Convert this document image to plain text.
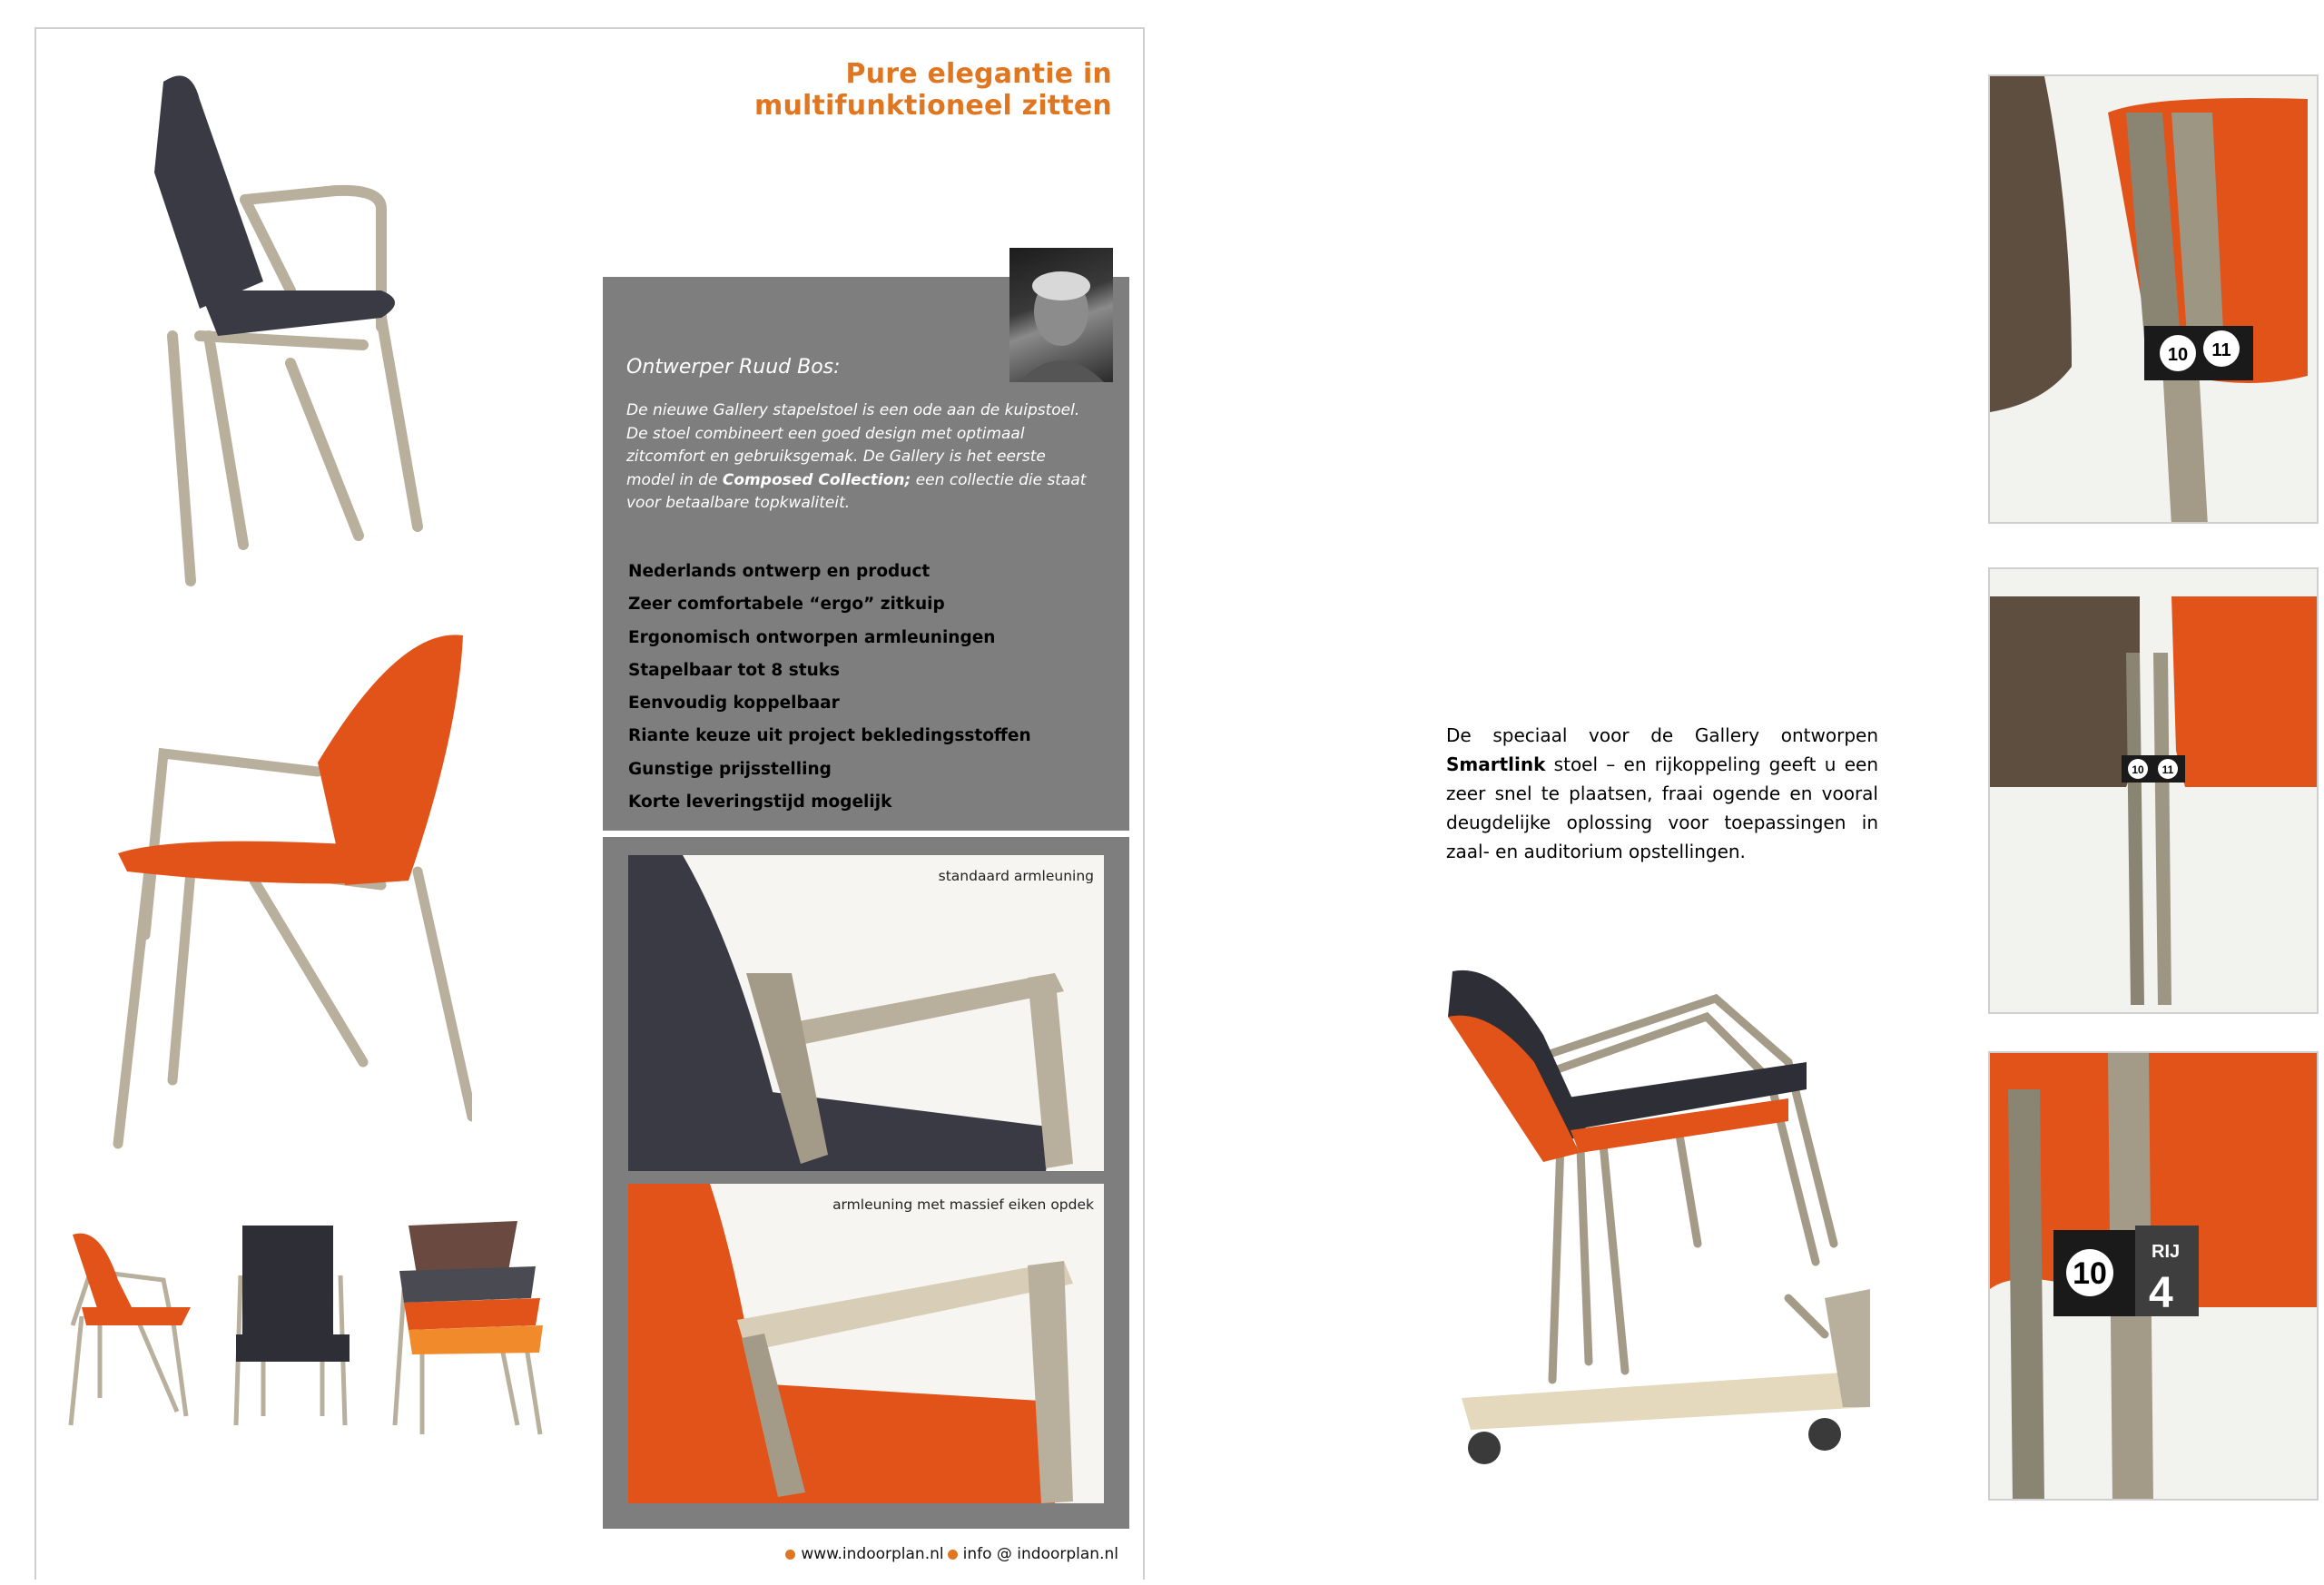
Pure elegantie in multifunktioneel zitten
Ontwerper Ruud Bos:
De nieuwe Gallery stapelstoel is een ode aan de kuipstoel. De stoel combineert een goed design met optimaal zitcomfort en gebruiksgemak. De Gallery is het eerste model in de Composed Collection; een collectie die staat voor betaalbare topkwaliteit.
Nederlands ontwerp en product
Zeer comfortabele “ergo” zitkuip
Ergonomisch ontworpen armleuningen
Stapelbaar tot 8 stuks
Eenvoudig koppelbaar
Riante keuze uit project bekledingsstoffen
Gunstige prijsstelling
Korte leveringstijd mogelijk
standaard armleuning
armleuning met massief eiken opdek
www.indoorplan.nl info @ indoorplan.nl
De speciaal voor de Gallery ontworpen Smartlink stoel – en rijkoppeling geeft u een zeer snel te plaatsen, fraai ogende en vooral deugdelijke oplossing voor toepassingen in zaal- en auditorium opstellingen.
10 11
10 11
10
RIJ
4
